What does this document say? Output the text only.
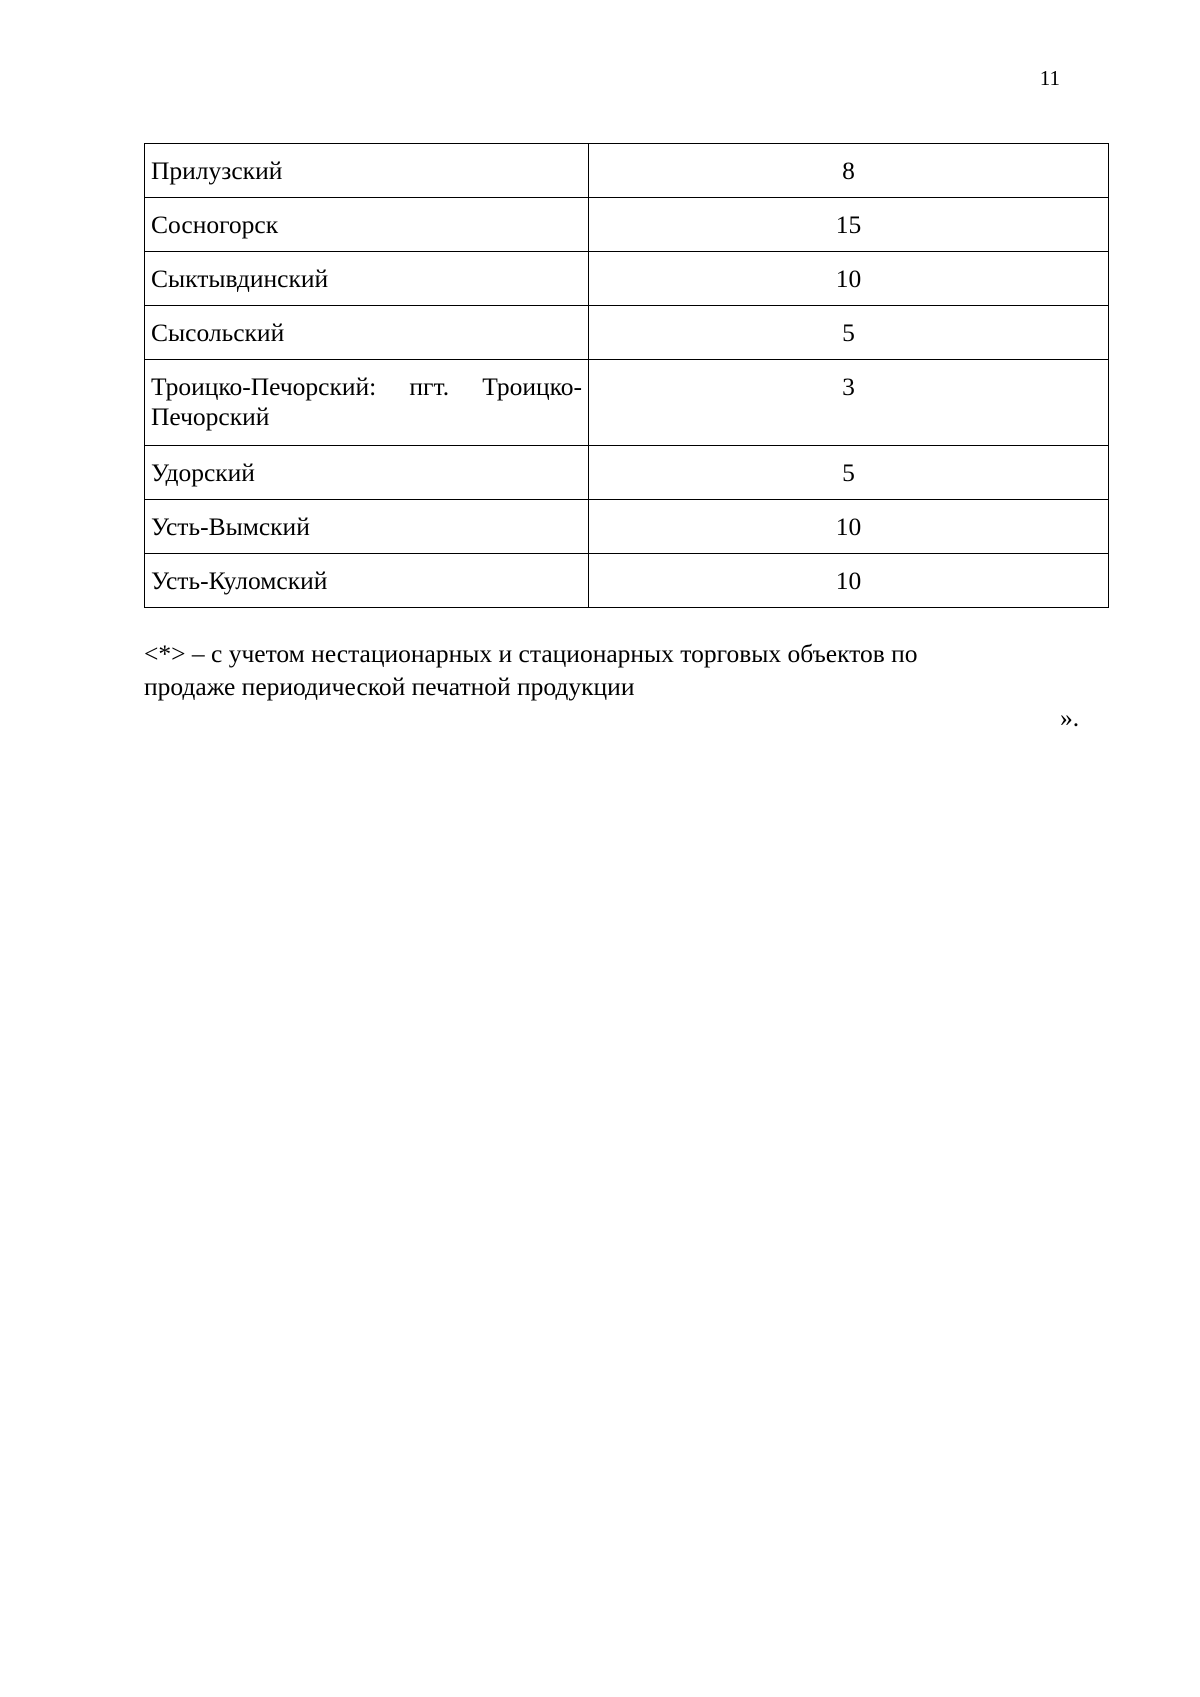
11
Прилузский	8
Сосногорск	15
Сыктывдинский	10
Сысольский	5
Троицко-Печорский: пгт. Троицко-Печорский	3
Удорский	5
Усть-Вымский	10
Усть-Куломский	10
<*> – с учетом нестационарных и стационарных торговых объектов по
продаже периодической печатной продукции
».
